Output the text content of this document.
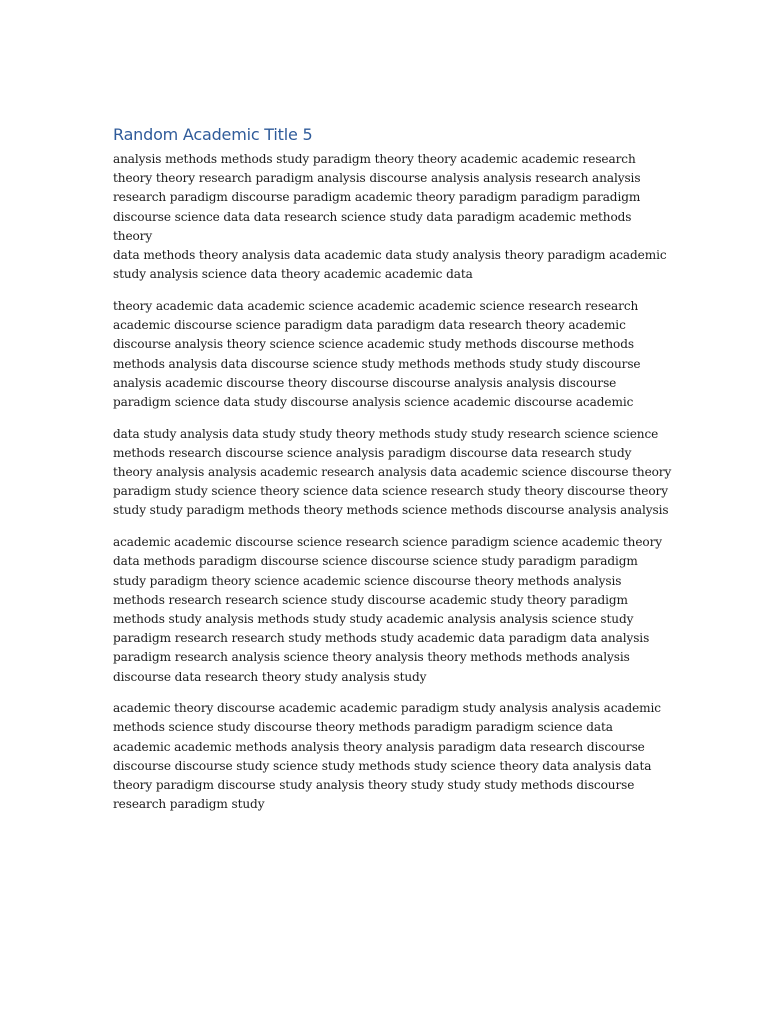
Random Academic Title 5

analysis methods methods study paradigm theory theory academic academic research
theory theory research paradigm analysis discourse analysis analysis research analysis
research paradigm discourse paradigm academic theory paradigm paradigm paradigm
discourse science data data research science study data paradigm academic methods theory
data methods theory analysis data academic data study analysis theory paradigm academic
study analysis science data theory academic academic data

theory academic data academic science academic academic science research research
academic discourse science paradigm data paradigm data research theory academic
discourse analysis theory science science academic study methods discourse methods
methods analysis data discourse science study methods methods study study discourse
analysis academic discourse theory discourse discourse analysis analysis discourse
paradigm science data study discourse analysis science academic discourse academic

data study analysis data study study theory methods study study research science science
methods research discourse science analysis paradigm discourse data research study
theory analysis analysis academic research analysis data academic science discourse theory
paradigm study science theory science data science research study theory discourse theory
study study paradigm methods theory methods science methods discourse analysis analysis

academic academic discourse science research science paradigm science academic theory
data methods paradigm discourse science discourse science study paradigm paradigm
study paradigm theory science academic science discourse theory methods analysis
methods research research science study discourse academic study theory paradigm
methods study analysis methods study study academic analysis analysis science study
paradigm research research study methods study academic data paradigm data analysis
paradigm research analysis science theory analysis theory methods methods analysis
discourse data research theory study analysis study

academic theory discourse academic academic paradigm study analysis analysis academic
methods science study discourse theory methods paradigm paradigm science data
academic academic methods analysis theory analysis paradigm data research discourse
discourse discourse study science study methods study science theory data analysis data
theory paradigm discourse study analysis theory study study study methods discourse
research paradigm study
